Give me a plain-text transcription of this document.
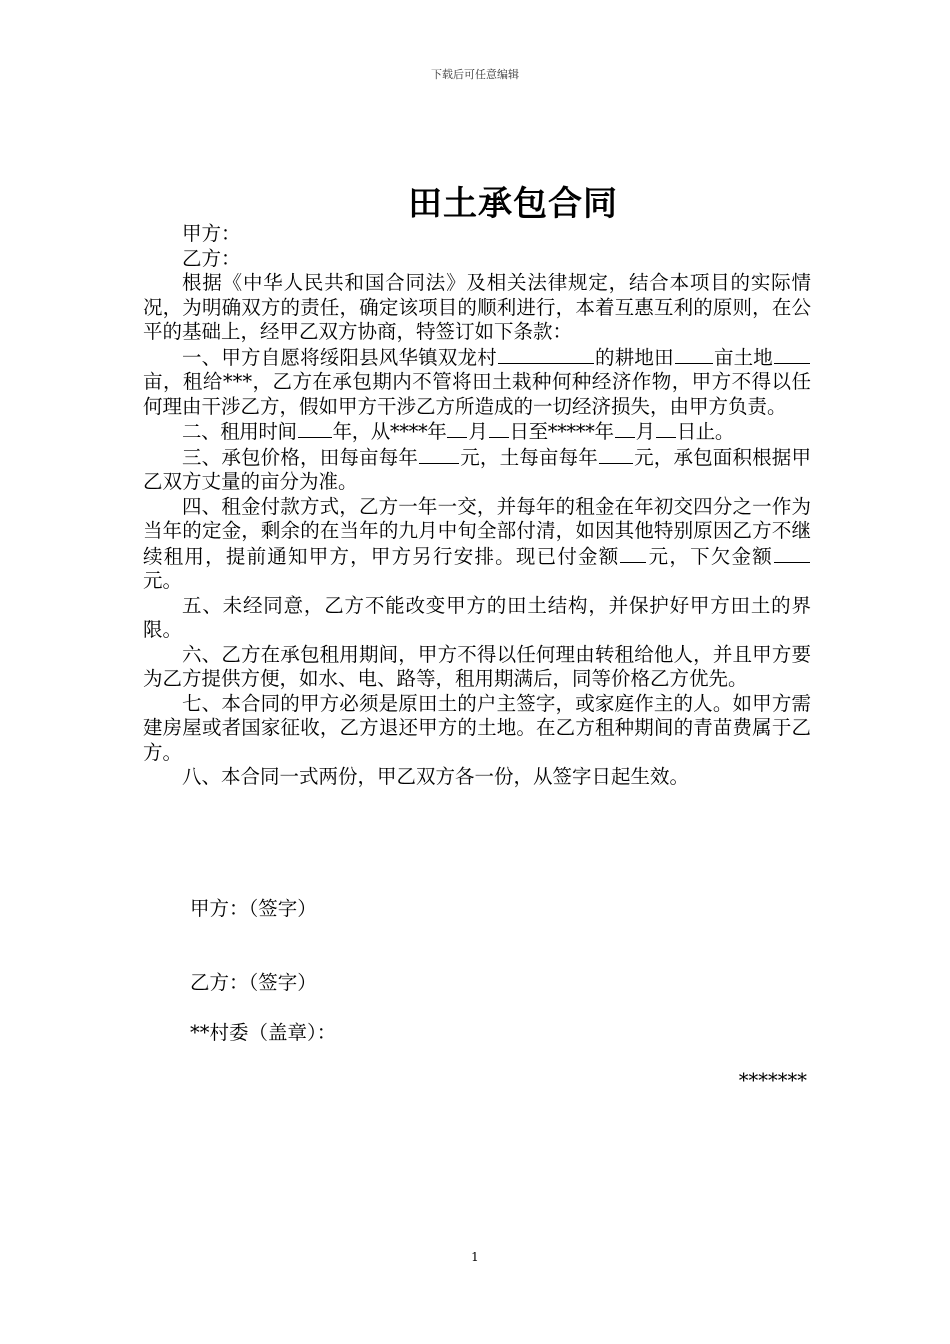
下载后可任意编辑
田土承包合同

甲方：

乙方：

根据《中华人民共和国合同法》及相关法律规定，结合本项目的实际情况，为明确双方的责任，确定该项目的顺利进行，本着互惠互利的原则，在公平的基础上，经甲乙双方协商，特签订如下条款：

一、甲方自愿将绥阳县风华镇双龙村	的耕地田 亩土地亩，租给***，乙方在承包期内不管将田土栽种何种经济作物，甲方不得以任何理由干涉乙方，假如甲方干涉乙方所造成的一切经济损失，由甲方负责。

二、租用时间 年，从****年 月 日至*****年 月 日止。

三、承包价格，田每亩每年 元，土每亩每年 元，承包面积根据甲乙双方丈量的亩分为准。

四、租金付款方式，乙方一年一交，并每年的租金在年初交四分之一作为当年的定金，剩余的在当年的九月中旬全部付清，如因其他特别原因乙方不继续租用，提前通知甲方，甲方另行安排。现已付金额 元，下欠金额元。

五、未经同意，乙方不能改变甲方的田土结构，并保护好甲方田土的界限。

六、乙方在承包租用期间，甲方不得以任何理由转租给他人，并且甲方要为乙方提供方便，如水、电、路等，租用期满后，同等价格乙方优先。

七、本合同的甲方必须是原田土的户主签字，或家庭作主的人。如甲方需建房屋或者国家征收，乙方退还甲方的土地。在乙方租种期间的青苗费属于乙方。

八、本合同一式两份，甲乙双方各一份，从签字日起生效。

甲方：（签字）
乙方：（签字）
**村委（盖章）：
*******
1
